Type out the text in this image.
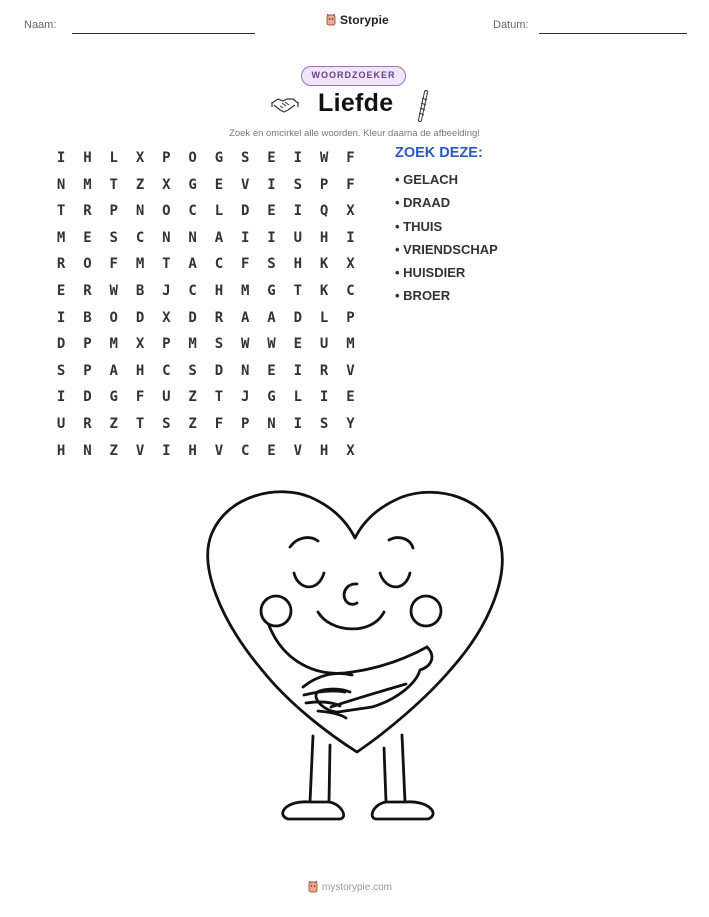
Naam:	Storypie	Datum:
WOORDZOEKER
Liefde
Zoek en omcirkel alle woorden. Kleur daarna de afbeelding!
I	H	L	X	P	O	G	S	E	I	W	F
N	M	T	Z	X	G	E	V	I	S	P	F
T	R	P	N	O	C	L	D	E	I	Q	X
M	E	S	C	N	N	A	I	I	U	H	I
R	O	F	M	T	A	C	F	S	H	K	X
E	R	W	B	J	C	H	M	G	T	K	C
I	B	O	D	X	D	R	A	A	D	L	P
D	P	M	X	P	M	S	W	W	E	U	M
S	P	A	H	C	S	D	N	E	I	R	V
I	D	G	F	U	Z	T	J	G	L	I	E
U	R	Z	T	S	Z	F	P	N	I	S	Y
H	N	Z	V	I	H	V	C	E	V	H	X
ZOEK DEZE:
• GELACH
• DRAAD
• THUIS
• VRIENDSCHAP
• HUISDIER
• BROER
mystorypie.com
